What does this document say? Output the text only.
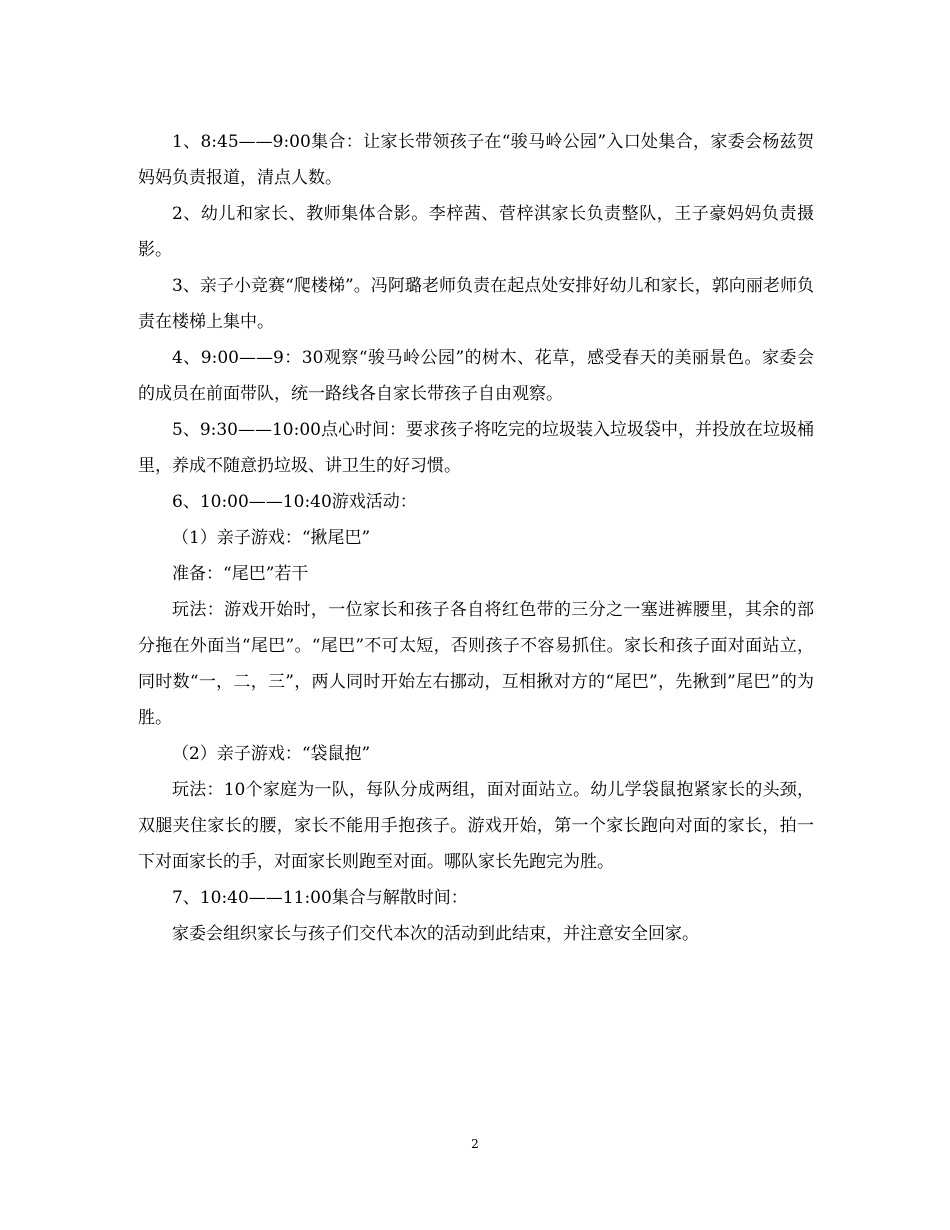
1、8:45——9:00集合：让家长带领孩子在“骏马岭公园”入口处集合，家委会杨兹贺妈妈负责报道，清点人数。

2、幼儿和家长、教师集体合影。李梓茜、菅梓淇家长负责整队，王子豪妈妈负责摄影。

3、亲子小竞赛“爬楼梯”。冯阿璐老师负责在起点处安排好幼儿和家长，郭向丽老师负责在楼梯上集中。

4、9:00——9：30观察“骏马岭公园”的树木、花草，感受春天的美丽景色。家委会的成员在前面带队，统一路线各自家长带孩子自由观察。

5、9:30——10:00点心时间：要求孩子将吃完的垃圾装入垃圾袋中，并投放在垃圾桶里，养成不随意扔垃圾、讲卫生的好习惯。

6、10:00——10:40游戏活动：

（1）亲子游戏：“揪尾巴”

准备：“尾巴”若干

玩法：游戏开始时，一位家长和孩子各自将红色带的三分之一塞进裤腰里，其余的部分拖在外面当“尾巴”。“尾巴”不可太短，否则孩子不容易抓住。家长和孩子面对面站立，同时数“一，二，三”，两人同时开始左右挪动，互相揪对方的“尾巴”，先揪到”尾巴”的为胜。

（2）亲子游戏：“袋鼠抱”

玩法：10个家庭为一队，每队分成两组，面对面站立。幼儿学袋鼠抱紧家长的头颈， 双腿夹住家长的腰，家长不能用手抱孩子。游戏开始，第一个家长跑向对面的家长，拍一下对面家长的手，对面家长则跑至对面。哪队家长先跑完为胜。

7、10:40——11:00集合与解散时间：

家委会组织家长与孩子们交代本次的活动到此结束，并注意安全回家。

2
